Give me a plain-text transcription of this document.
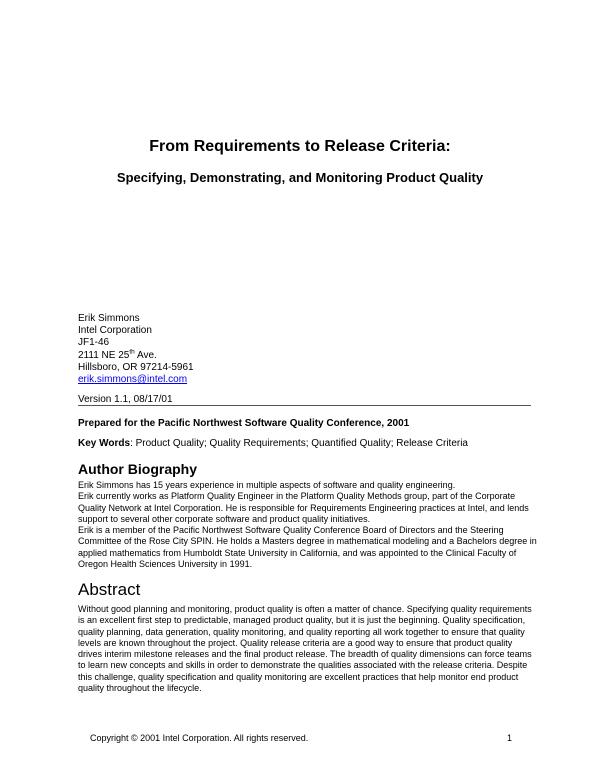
From Requirements to Release Criteria:
Specifying, Demonstrating, and Monitoring Product Quality
Erik Simmons
Intel Corporation
JF1-46
2111 NE 25th Ave.
Hillsboro, OR 97214-5961
erik.simmons@intel.com
Version 1.1, 08/17/01
Prepared for the Pacific Northwest Software Quality Conference, 2001
Key Words: Product Quality; Quality Requirements; Quantified Quality; Release Criteria
Author Biography

Erik Simmons has 15 years experience in multiple aspects of software and quality engineering.

Erik currently works as Platform Quality Engineer in the Platform Quality Methods group, part of the Corporate Quality Network at Intel Corporation. He is responsible for Requirements Engineering practices at Intel, and lends support to several other corporate software and product quality initiatives.

Erik is a member of the Pacific Northwest Software Quality Conference Board of Directors and the Steering Committee of the Rose City SPIN. He holds a Masters degree in mathematical modeling and a Bachelors degree in applied mathematics from Humboldt State University in California, and was appointed to the Clinical Faculty of Oregon Health Sciences University in 1991.

Abstract

Without good planning and monitoring, product quality is often a matter of chance. Specifying quality requirements is an excellent first step to predictable, managed product quality, but it is just the beginning. Quality specification, quality planning, data generation, quality monitoring, and quality reporting all work together to ensure that quality levels are known throughout the project. Quality release criteria are a good way to ensure that product quality drives interim milestone releases and the final product release. The breadth of quality dimensions can force teams to learn new concepts and skills in order to demonstrate the qualities associated with the release criteria. Despite this challenge, quality specification and quality monitoring are excellent practices that help monitor end product quality throughout the lifecycle.

Copyright © 2001 Intel Corporation. All rights reserved.	1
